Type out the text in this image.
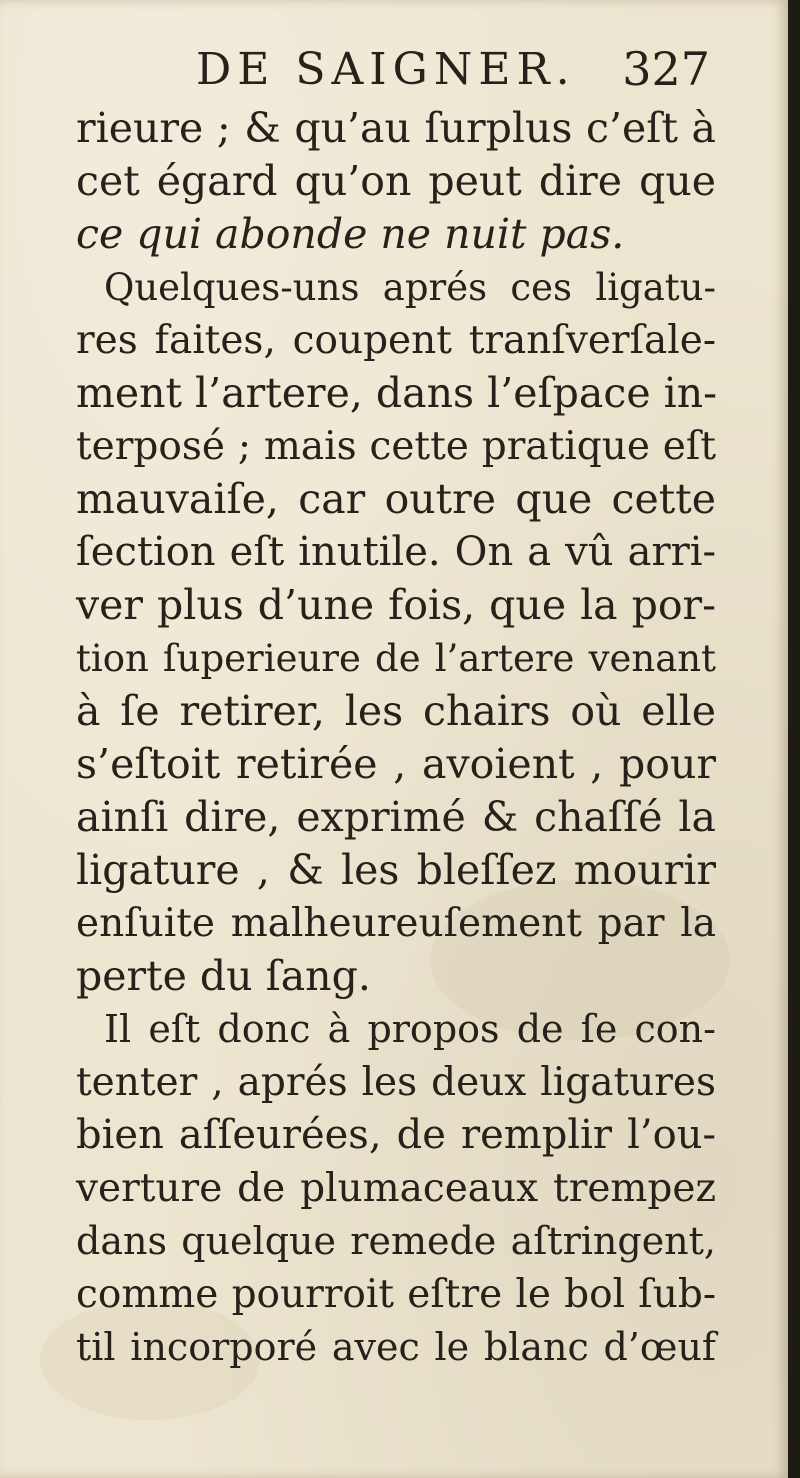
DE SAIGNER. 327
rieure ; & qu’au ſurplus c’eſt à
cet égard qu’on peut dire que
ce qui abonde ne nuit pas.
Quelques-uns aprés ces ligatu-
res faites, coupent tranſverſale-
ment l’artere, dans l’eſpace in-
terposé ; mais cette pratique eſt
mauvaiſe, car outre que cette
ſection eſt inutile. On a vû arri-
ver plus d’une fois, que la por-
tion ſuperieure de l’artere venant
à ſe retirer, les chairs où elle
s’eſtoit retirée , avoient , pour
ainſi dire, exprimé & chaſſé la
ligature , & les bleſſez mourir
enſuite malheureuſement par la
perte du ſang.
Il eſt donc à propos de ſe con-
tenter , aprés les deux ligatures
bien aſſeurées, de remplir l’ou-
verture de plumaceaux trempez
dans quelque remede aſtringent,
comme pourroit eſtre le bol ſub-
til incorporé avec le blanc d’œuf
